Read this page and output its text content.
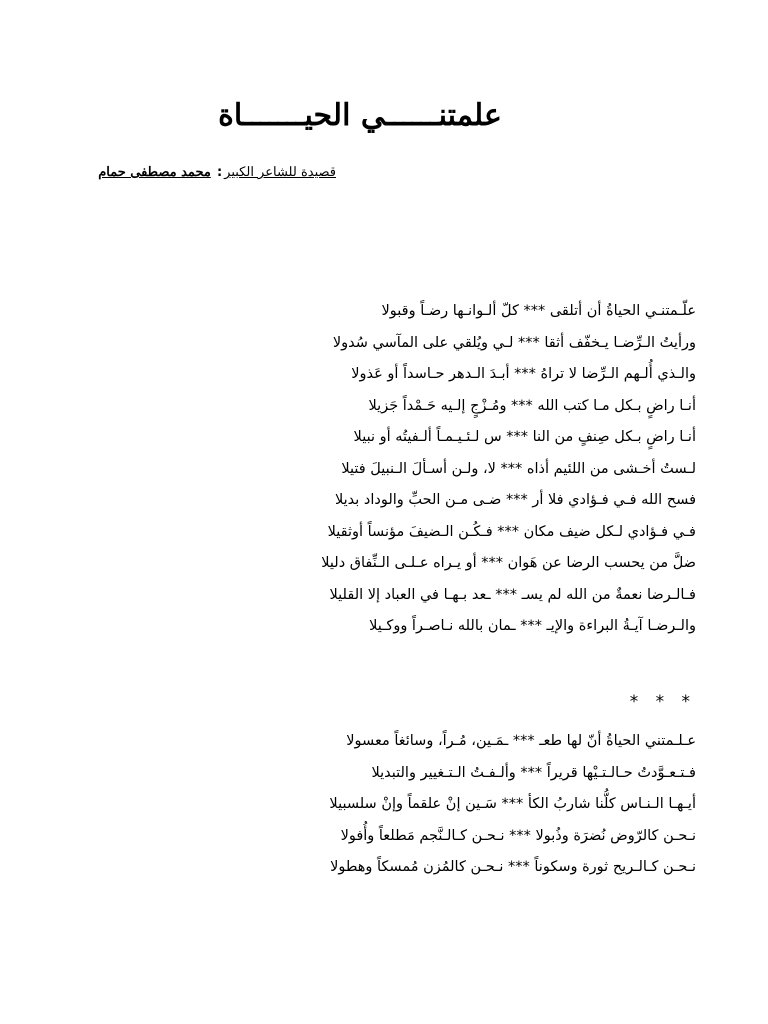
علمتنــــــي الحيـــــــاة
قصيدة للشاعر الكبير: محمد مصطفى حمام
علّـمتنـي الحياةُ أن أتلقى *** كلّ ألـوانـها رضـاً وقبولا
ورأيتُ الـرِّضـا يـخفّف أثقا *** لـي ويُلقي على المآسي سُدولا
والـذي أُلـهم الـرِّضا لا تراهُ *** أبـدَ الـدهر حـاسداً أو عَذولا
أنـا راضٍ بـكل مـا كتب الله *** ومُـزْجٍ إلـيه حَـمْداً جَزيلا
أنـا راضٍ بـكل صِنفٍ من النا *** س لـئـيـمـاً ألـفيتُه أو نبيلا
لـستُ أخـشى من اللئيم أذاه *** لا، ولـن أسـألَ الـنبيلَ فتيلا
فسح الله فـي فـؤادي فلا أر *** ضـى مـن الحبِّ والوداد بديلا
فـي فـؤادي لـكل ضيف مكان *** فـكُـن الـضيفَ مؤنساً أوثقيلا
ضلَّ من يحسب الرضا عن هَوان *** أو يـراه عـلـى الـنِّفاق دليلا
فـالـرضا نعمةٌ من الله لم يسـ *** ـعد بـهـا في العباد إلا القليلا
والـرضـا آيـةُ البراءة والإيـ *** ـمان بالله نـاصـراً ووكـيلا
* * *
عـلـمتني الحياةُ أنّ لها طعـ *** ـمَـين، مُـراً، وسائغاً معسولا
فـتـعـوَّدتُ حـالـتـيْها قريراً *** وألـفـتُ الـتـغيير والتبديلا
أيـهـا الـنـاس كلُّنا شاربُ الكأ *** سَـين إنْ علقماً وإنْ سلسبيلا
نـحـن كالرّوض نُضرَة وذُبولا *** نـحـن كـالـنَّجم مَطلعاً وأُفولا
نـحـن كـالـريح ثورة وسكوناً *** نـحـن كالمُزن مُمسكاً وهطولا
